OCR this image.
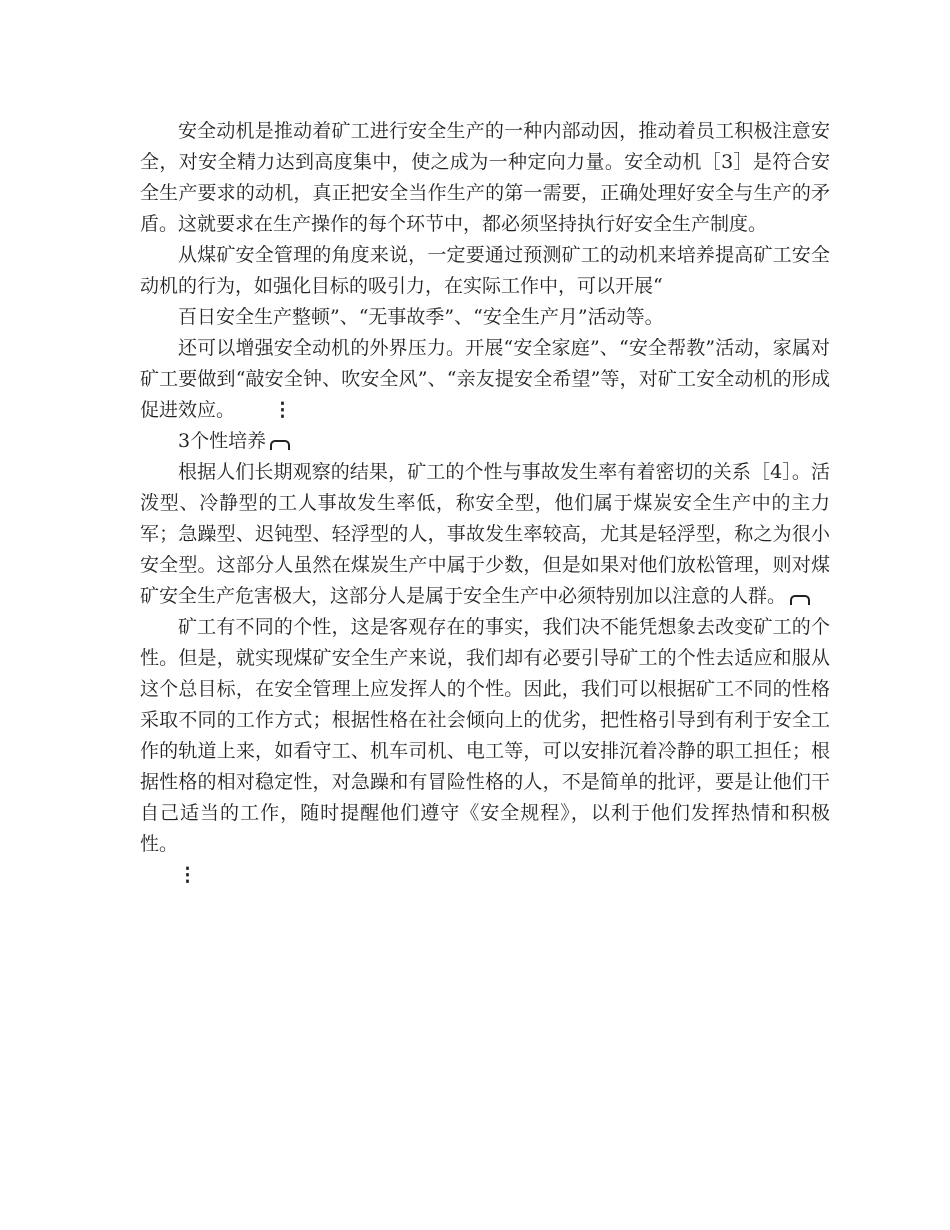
安全动机是推动着矿工进行安全生产的一种内部动因，推动着员工积极注意安全，对安全精力达到高度集中，使之成为一种定向力量。安全动机［3］是符合安全生产要求的动机，真正把安全当作生产的第一需要，正确处理好安全与生产的矛盾。这就要求在生产操作的每个环节中，都必须坚持执行好安全生产制度。

从煤矿安全管理的角度来说，一定要通过预测矿工的动机来培养提高矿工安全动机的行为，如强化目标的吸引力，在实际工作中，可以开展“

百日安全生产整顿”、“无事故季”、“安全生产月”活动等。

还可以增强安全动机的外界压力。开展“安全家庭”、“安全帮教”活动，家属对矿工要做到“敲安全钟、吹安全风”、“亲友提安全希望”等，对矿工安全动机的形成促进效应。 ⋮

3个性培养

根据人们长期观察的结果，矿工的个性与事故发生率有着密切的关系［4］。活泼型、冷静型的工人事故发生率低，称安全型，他们属于煤炭安全生产中的主力军；急躁型、迟钝型、轻浮型的人，事故发生率较高，尤其是轻浮型，称之为很小安全型。这部分人虽然在煤炭生产中属于少数，但是如果对他们放松管理，则对煤矿安全生产危害极大，这部分人是属于安全生产中必须特别加以注意的人群。

矿工有不同的个性，这是客观存在的事实，我们决不能凭想象去改变矿工的个性。但是，就实现煤矿安全生产来说，我们却有必要引导矿工的个性去适应和服从这个总目标，在安全管理上应发挥人的个性。因此，我们可以根据矿工不同的性格采取不同的工作方式；根据性格在社会倾向上的优劣，把性格引导到有利于安全工作的轨道上来，如看守工、机车司机、电工等，可以安排沉着冷静的职工担任；根据性格的相对稳定性，对急躁和有冒险性格的人，不是简单的批评，要是让他们干自己适当的工作，随时提醒他们遵守《安全规程》，以利于他们发挥热情和积极性。

⋮
